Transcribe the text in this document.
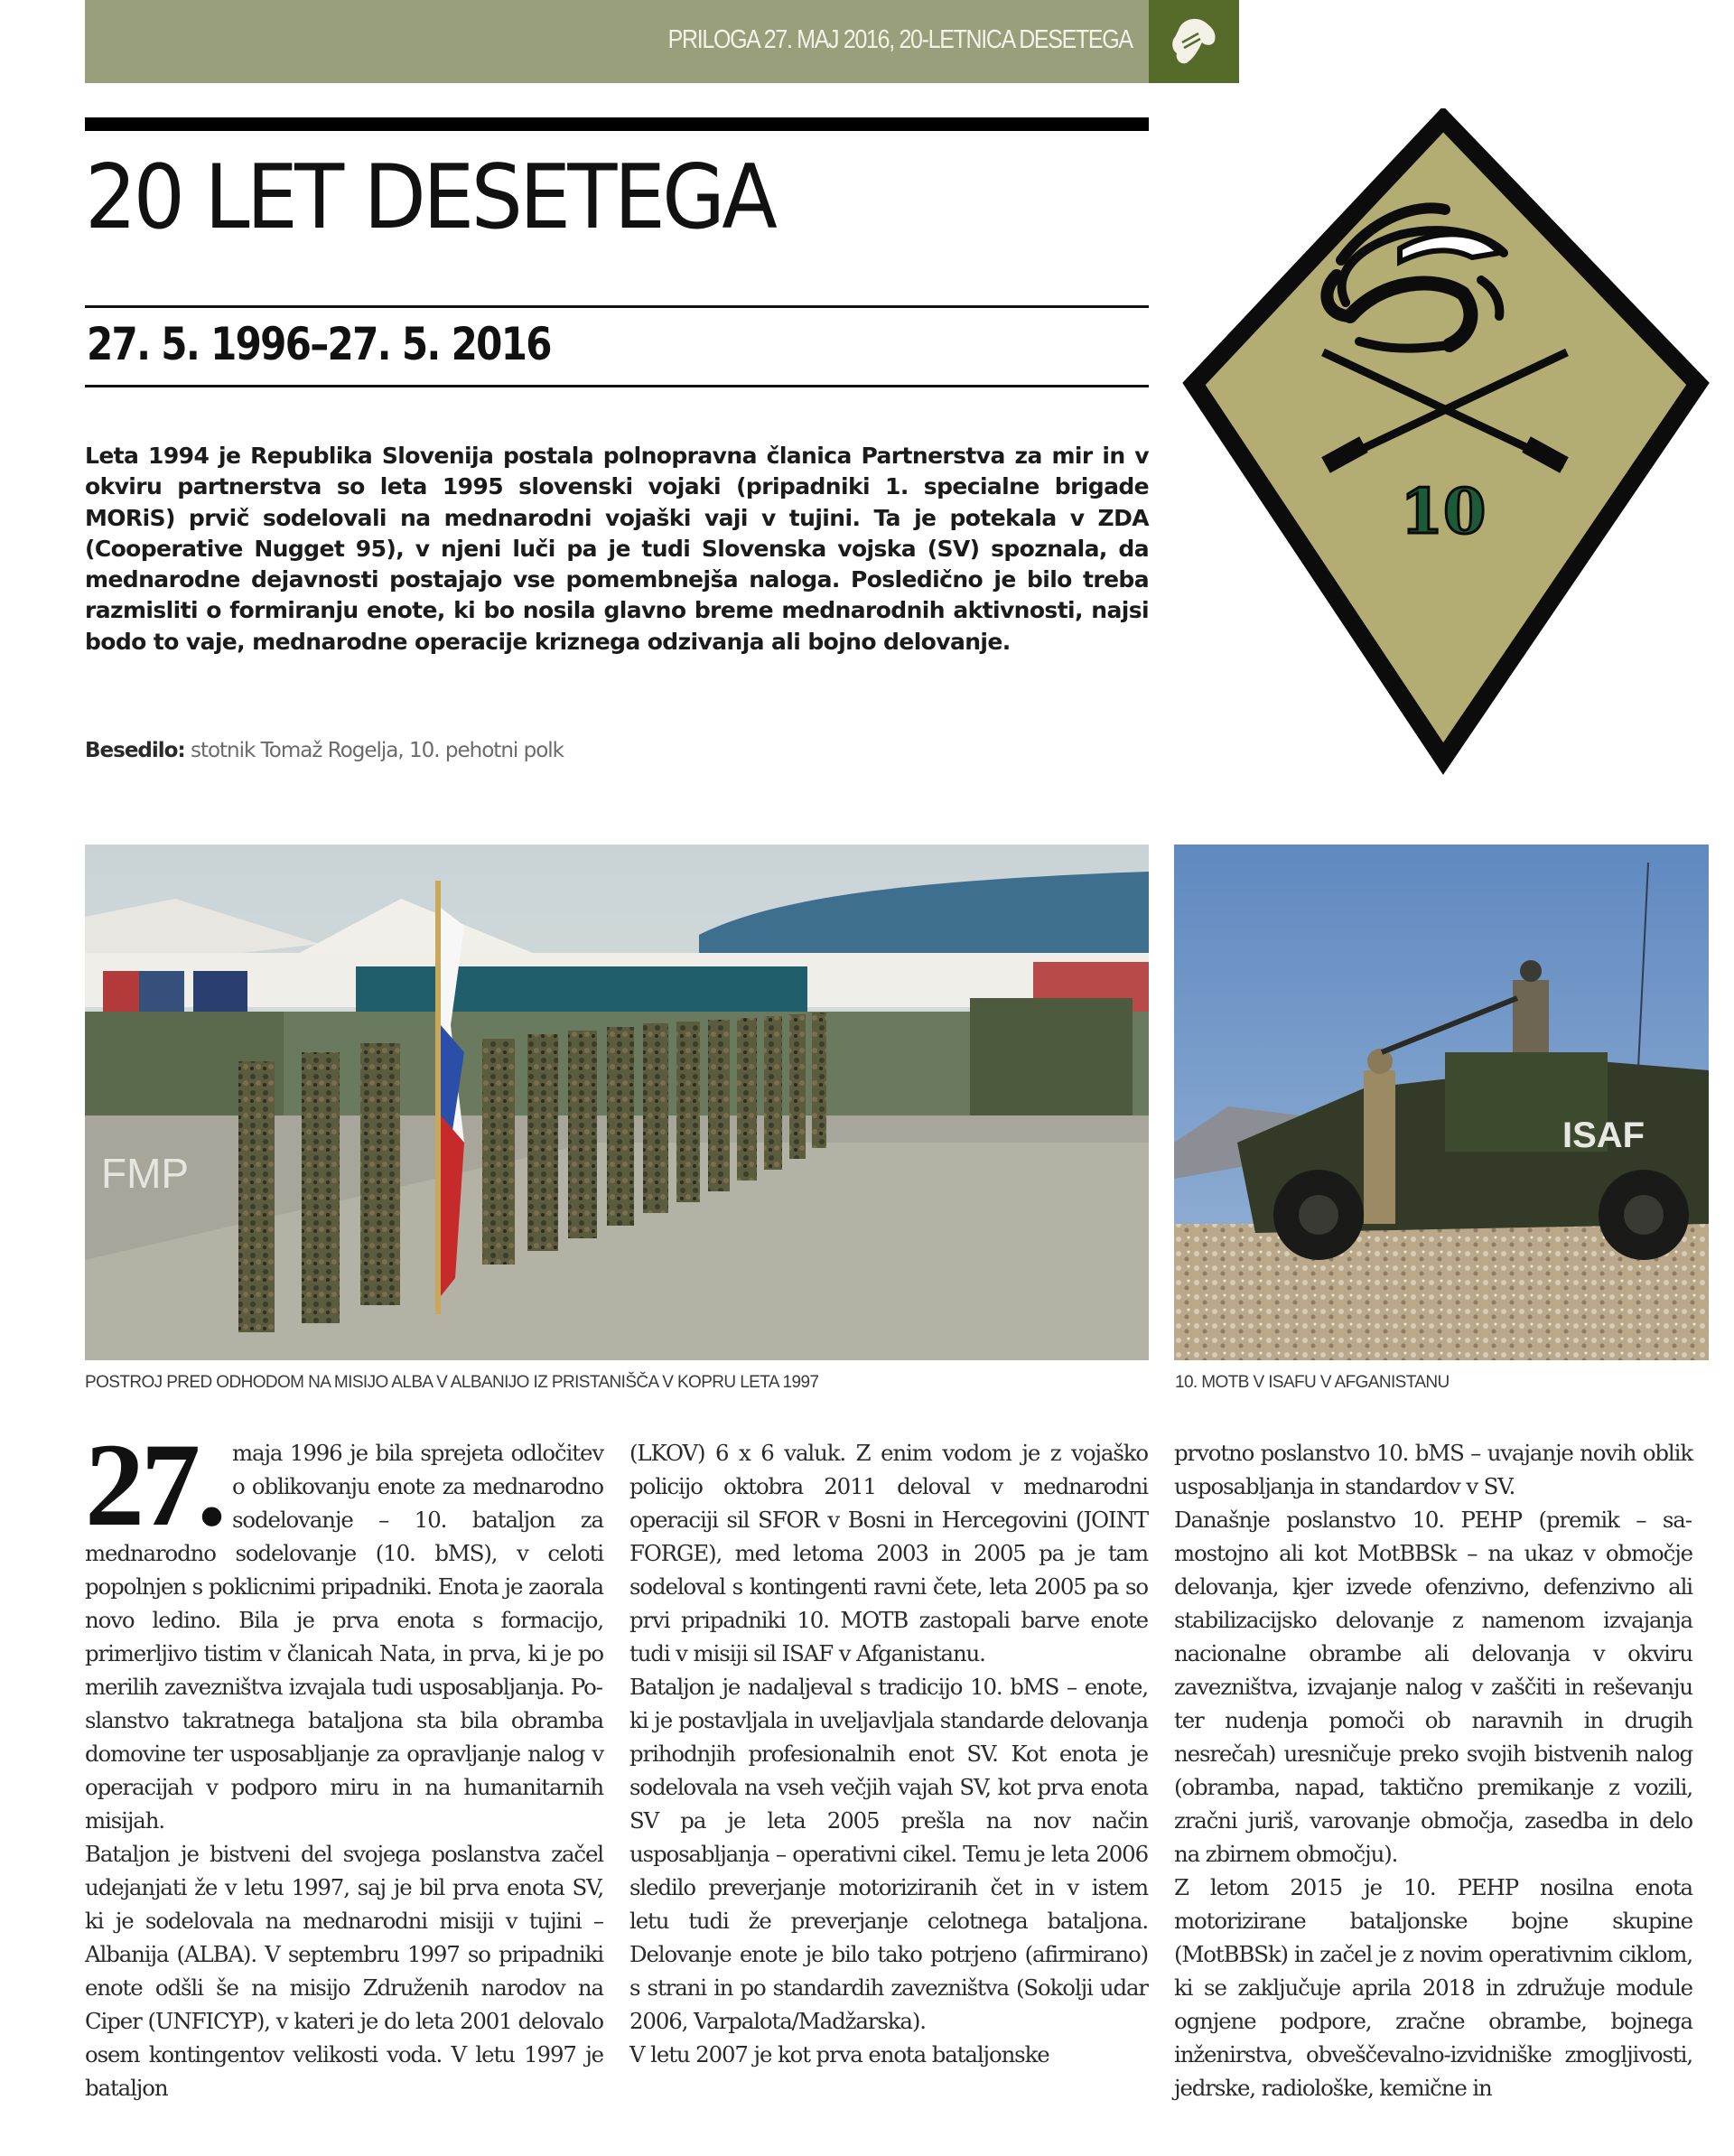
PRILOGA 27. MAJ 2016, 20-LETNICA DESETEGA
20 LET DESETEGA
27. 5. 1996–27. 5. 2016

Leta 1994 je Republika Slovenija postala polnopravna članica Partnerstva za mir in v okviru partnerstva so leta 1995 slovenski vojaki (pripadniki 1. specialne brigade MORiS) prvič sodelovali na mednarodni vojaški vaji v tujini. Ta je potekala v ZDA (Cooperative Nugget 95), v njeni luči pa je tudi Slovenska vojska (SV) spoznala, da mednarodne dejavnosti postajajo vse pomembnejša naloga. Posledično je bilo treba razmisliti o formiranju enote, ki bo nosila glavno breme mednarodnih aktivnosti, najsi bodo to vaje, mednarodne operacije kriznega odzivanja ali bojno delovanje.

Besedilo: stotnik Tomaž Rogelja, 10. pehotni polk
10
FMP
ISAF
POSTROJ PRED ODHODOM NA MISIJO ALBA V ALBANIJO IZ PRISTANIŠČA V KOPRU LETA 1997	10. MOTB V ISAFU V AFGANISTANU
27. maja 1996 je bila sprejeta odločitev o oblikovanju enote za mednarodno sodelovanje – 10. bataljon za mednarodno sodelovanje (10. bMS), v celoti popolnjen s poklicnimi pripadniki. Enota je zaorala novo ledino. Bila je prva enota s formacijo, primerljivo tistim v članicah Nata, in prva, ki je po merilih zavezništva izvajala tudi usposabljanja. Poslanstvo takratnega bataljona sta bila obramba domovine ter usposabljanje za opravljanje nalog v operacijah v podporo miru in na humanitarnih misijah.

Bataljon je bistveni del svojega poslanstva začel udejanjati že v letu 1997, saj je bil prva enota SV, ki je sodelovala na mednarodni misiji v tujini – Albanija (ALBA). V septembru 1997 so pripadniki enote odšli še na misijo Združenih narodov na Ciper (UNFICYP), v kateri je do leta 2001 delovalo osem kontingentov velikosti voda. V letu 1997 je bataljon

(LKOV) 6 x 6 valuk. Z enim vodom je z vojaško policijo oktobra 2011 deloval v mednarodni operaciji sil SFOR v Bosni in Hercegovini (JOINT FORGE), med letoma 2003 in 2005 pa je tam sodeloval s kontingenti ravni čete, leta 2005 pa so prvi pripadniki 10. MOTB zastopali barve enote tudi v misiji sil ISAF v Afganistanu.

Bataljon je nadaljeval s tradicijo 10. bMS – enote, ki je postavljala in uveljavljala standarde delovanja prihodnjih profesionalnih enot SV. Kot enota je sodelovala na vseh večjih vajah SV, kot prva enota SV pa je leta 2005 prešla na nov način usposabljanja – operativni cikel. Temu je leta 2006 sledilo preverjanje motoriziranih čet in v istem letu tudi že preverjanje celotnega bataljona. Delovanje enote je bilo tako potrjeno (afirmirano) s strani in po standardih zavezništva (Sokolji udar 2006, Varpalota/Madžarska).

V letu 2007 je kot prva enota bataljonske

prvotno poslanstvo 10. bMS – uvajanje novih oblik usposabljanja in standardov v SV.

Današnje poslanstvo 10. PEHP (premik – samostojno ali kot MotBBSk – na ukaz v območje delovanja, kjer izvede ofenzivno, defenzivno ali stabilizacijsko delovanje z namenom izvajanja nacionalne obrambe ali delovanja v okviru zavezništva, izvajanje nalog v zaščiti in reševanju ter nudenja pomoči ob naravnih in drugih nesrečah) uresničuje preko svojih bistvenih nalog (obramba, napad, taktično premikanje z vozili, zračni juriš, varovanje območja, zasedba in delo na zbirnem območju).

Z letom 2015 je 10. PEHP nosilna enota motorizirane bataljonske bojne skupine (MotBBSk) in začel je z novim operativnim ciklom, ki se zaključuje aprila 2018 in združuje module ognjene podpore, zračne obrambe, bojnega inženirstva, obveščevalno-izvidniške zmogljivosti, jedrske, radiološke, kemične in
